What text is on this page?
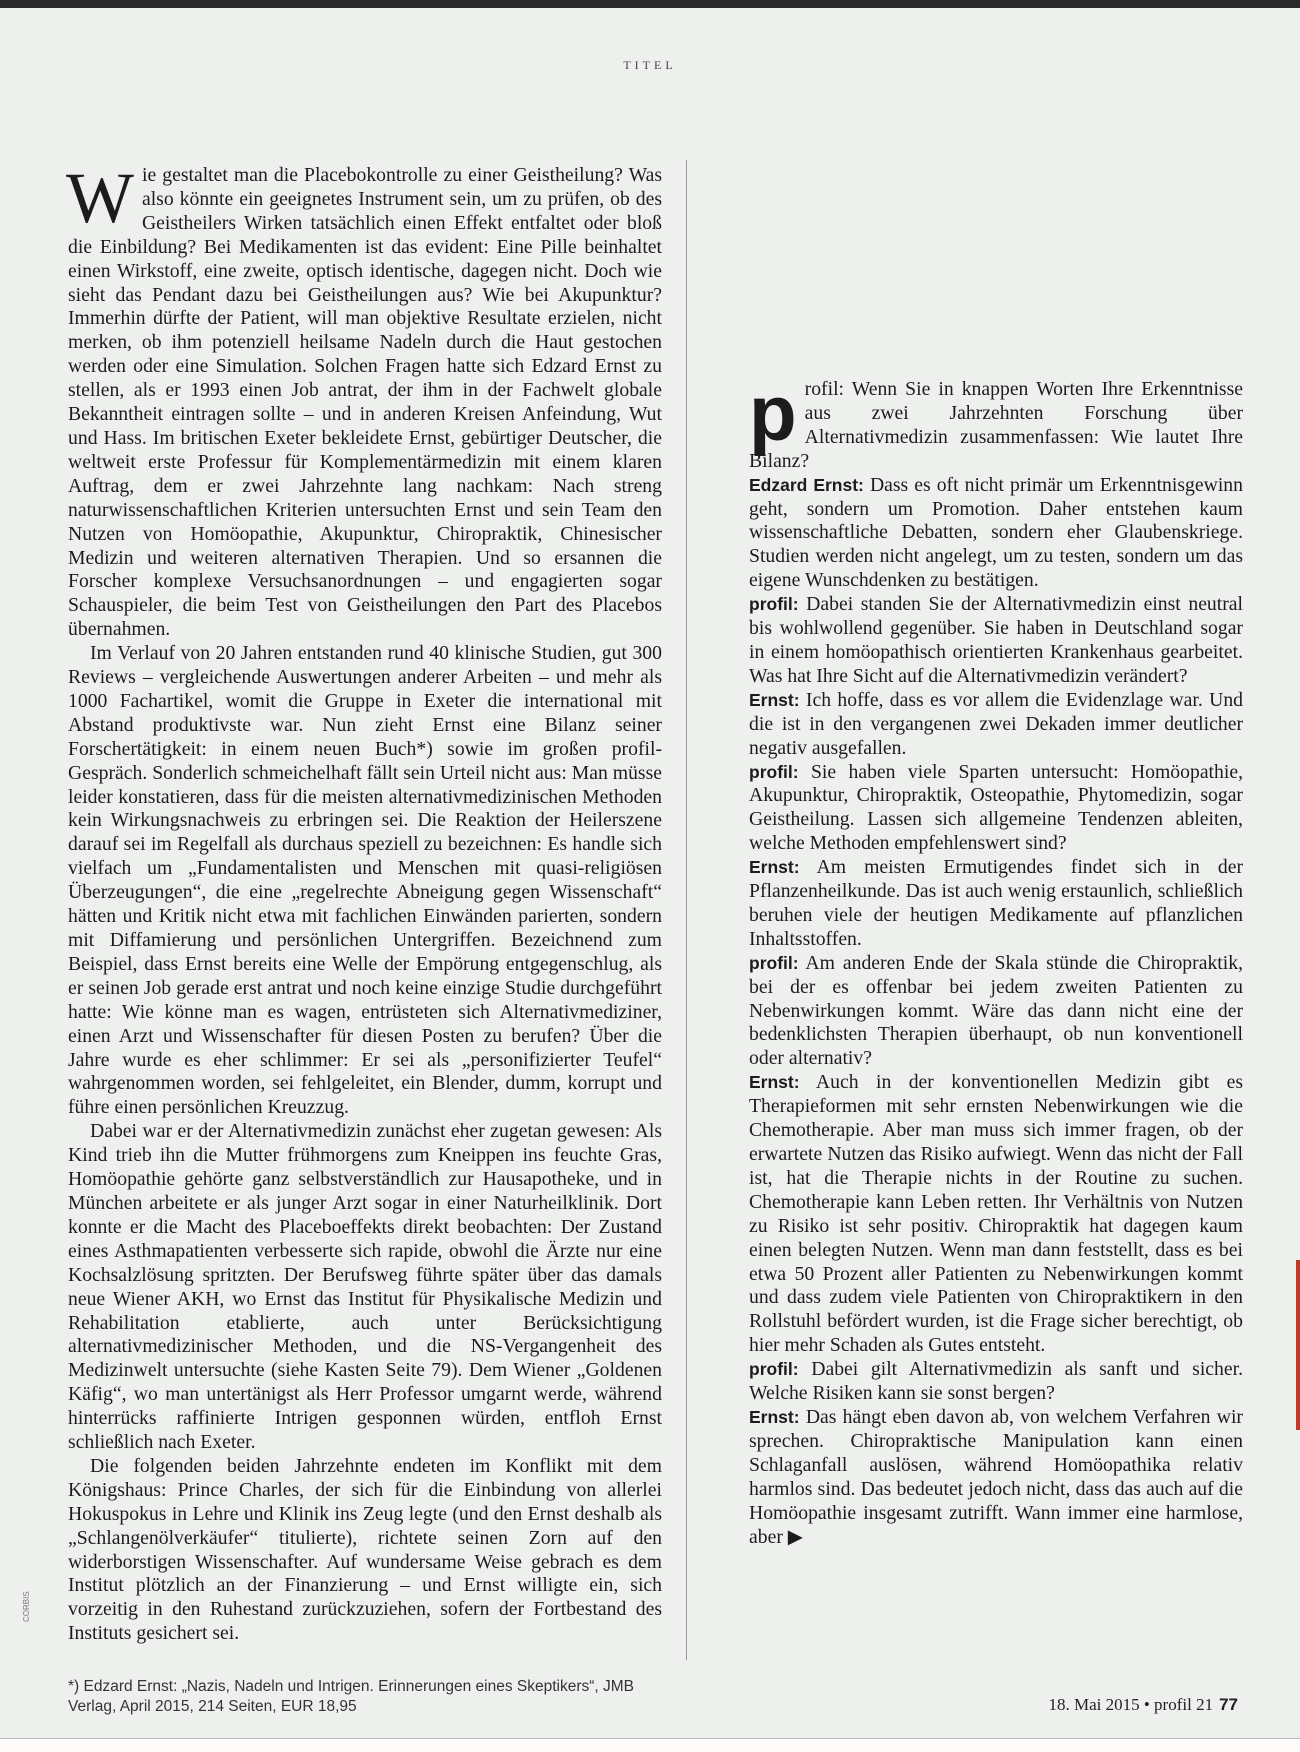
TITEL

Wie gestaltet man die Placebokontrolle zu einer Geistheilung? Was also könnte ein geeignetes Instrument sein, um zu prüfen, ob des Geistheilers Wirken tatsächlich einen Effekt entfaltet oder bloß die Einbildung? Bei Medikamenten ist das evident: Eine Pille beinhaltet einen Wirkstoff, eine zweite, optisch identische, dagegen nicht. Doch wie sieht das Pendant dazu bei Geistheilungen aus? Wie bei Akupunktur? Immerhin dürfte der Patient, will man objektive Resultate erzielen, nicht merken, ob ihm potenziell heilsame Nadeln durch die Haut gestochen werden oder eine Simulation. Solchen Fragen hatte sich Edzard Ernst zu stellen, als er 1993 einen Job antrat, der ihm in der Fachwelt globale Bekanntheit eintragen sollte – und in anderen Kreisen Anfeindung, Wut und Hass. Im britischen Exeter bekleidete Ernst, gebürtiger Deutscher, die weltweit erste Professur für Komplementärmedizin mit einem klaren Auftrag, dem er zwei Jahrzehnte lang nachkam: Nach streng naturwissenschaftlichen Kriterien untersuchten Ernst und sein Team den Nutzen von Homöopathie, Akupunktur, Chiropraktik, Chinesischer Medizin und weiteren alternativen Therapien. Und so ersannen die Forscher komplexe Versuchsanordnungen – und engagierten sogar Schauspieler, die beim Test von Geistheilungen den Part des Placebos übernahmen.

Im Verlauf von 20 Jahren entstanden rund 40 klinische Studien, gut 300 Reviews – vergleichende Auswertungen anderer Arbeiten – und mehr als 1000 Fachartikel, womit die Gruppe in Exeter die international mit Abstand produktivste war. Nun zieht Ernst eine Bilanz seiner Forschertätigkeit: in einem neuen Buch*) sowie im großen profil-Gespräch. Sonderlich schmeichelhaft fällt sein Urteil nicht aus: Man müsse leider konstatieren, dass für die meisten alternativmedizinischen Methoden kein Wirkungsnachweis zu erbringen sei. Die Reaktion der Heilerszene darauf sei im Regelfall als durchaus speziell zu bezeichnen: Es handle sich vielfach um „Fundamentalisten und Menschen mit quasi-religiösen Überzeugungen“, die eine „regelrechte Abneigung gegen Wissenschaft“ hätten und Kritik nicht etwa mit fachlichen Einwänden parierten, sondern mit Diffamierung und persönlichen Untergriffen. Bezeichnend zum Beispiel, dass Ernst bereits eine Welle der Empörung entgegenschlug, als er seinen Job gerade erst antrat und noch keine einzige Studie durchgeführt hatte: Wie könne man es wagen, entrüsteten sich Alternativmediziner, einen Arzt und Wissenschafter für diesen Posten zu berufen? Über die Jahre wurde es eher schlimmer: Er sei als „personifizierter Teufel“ wahrgenommen worden, sei fehlgeleitet, ein Blender, dumm, korrupt und führe einen persönlichen Kreuzzug.

Dabei war er der Alternativmedizin zunächst eher zugetan gewesen: Als Kind trieb ihn die Mutter frühmorgens zum Kneippen ins feuchte Gras, Homöopathie gehörte ganz selbstverständlich zur Hausapotheke, und in München arbeitete er als junger Arzt sogar in einer Naturheilklinik. Dort konnte er die Macht des Placeboeffekts direkt beobachten: Der Zustand eines Asthmapatienten verbesserte sich rapide, obwohl die Ärzte nur eine Kochsalzlösung spritzten. Der Berufsweg führte später über das damals neue Wiener AKH, wo Ernst das Institut für Physikalische Medizin und Rehabilitation etablierte, auch unter Berücksichtigung alternativmedizinischer Methoden, und die NS-Vergangenheit des Medizinwelt untersuchte (siehe Kasten Seite 79). Dem Wiener „Goldenen Käfig“, wo man untertänigst als Herr Professor umgarnt werde, während hinterrücks raffinierte Intrigen gesponnen würden, entfloh Ernst schließlich nach Exeter.

Die folgenden beiden Jahrzehnte endeten im Konflikt mit dem Königshaus: Prince Charles, der sich für die Einbindung von allerlei Hokuspokus in Lehre und Klinik ins Zeug legte (und den Ernst deshalb als „Schlangenölverkäufer“ titulierte), richtete seinen Zorn auf den widerborstigen Wissenschafter. Auf wundersame Weise gebrach es dem Institut plötzlich an der Finanzierung – und Ernst willigte ein, sich vorzeitig in den Ruhestand zurückzuziehen, sofern der Fortbestand des Instituts gesichert sei.

profil: Wenn Sie in knappen Worten Ihre Erkenntnisse aus zwei Jahrzehnten Forschung über Alternativmedizin zusammenfassen: Wie lautet Ihre Bilanz?

Edzard Ernst: Dass es oft nicht primär um Erkenntnisgewinn geht, sondern um Promotion. Daher entstehen kaum wissenschaftliche Debatten, sondern eher Glaubenskriege. Studien werden nicht angelegt, um zu testen, sondern um das eigene Wunschdenken zu bestätigen.

profil: Dabei standen Sie der Alternativmedizin einst neutral bis wohlwollend gegenüber. Sie haben in Deutschland sogar in einem homöopathisch orientierten Krankenhaus gearbeitet. Was hat Ihre Sicht auf die Alternativmedizin verändert?

Ernst: Ich hoffe, dass es vor allem die Evidenzlage war. Und die ist in den vergangenen zwei Dekaden immer deutlicher negativ ausgefallen.

profil: Sie haben viele Sparten untersucht: Homöopathie, Akupunktur, Chiropraktik, Osteopathie, Phytomedizin, sogar Geistheilung. Lassen sich allgemeine Tendenzen ableiten, welche Methoden empfehlenswert sind?

Ernst: Am meisten Ermutigendes findet sich in der Pflanzenheilkunde. Das ist auch wenig erstaunlich, schließlich beruhen viele der heutigen Medikamente auf pflanzlichen Inhaltsstoffen.

profil: Am anderen Ende der Skala stünde die Chiropraktik, bei der es offenbar bei jedem zweiten Patienten zu Nebenwirkungen kommt. Wäre das dann nicht eine der bedenklichsten Therapien überhaupt, ob nun konventionell oder alternativ?

Ernst: Auch in der konventionellen Medizin gibt es Therapieformen mit sehr ernsten Nebenwirkungen wie die Chemotherapie. Aber man muss sich immer fragen, ob der erwartete Nutzen das Risiko aufwiegt. Wenn das nicht der Fall ist, hat die Therapie nichts in der Routine zu suchen. Chemotherapie kann Leben retten. Ihr Verhältnis von Nutzen zu Risiko ist sehr positiv. Chiropraktik hat dagegen kaum einen belegten Nutzen. Wenn man dann feststellt, dass es bei etwa 50 Prozent aller Patienten zu Nebenwirkungen kommt und dass zudem viele Patienten von Chiropraktikern in den Rollstuhl befördert wurden, ist die Frage sicher berechtigt, ob hier mehr Schaden als Gutes entsteht.

profil: Dabei gilt Alternativmedizin als sanft und sicher. Welche Risiken kann sie sonst bergen?

Ernst: Das hängt eben davon ab, von welchem Verfahren wir sprechen. Chiropraktische Manipulation kann einen Schlaganfall auslösen, während Homöopathika relativ harmlos sind. Das bedeutet jedoch nicht, dass das auch auf die Homöopathie insgesamt zutrifft. Wann immer eine harmlose, aber ▶

CORBIS
*) Edzard Ernst: „Nazis, Nadeln und Intrigen. Erinnerungen eines Skeptikers“, JMB Verlag, April 2015, 214 Seiten, EUR 18,95	18. Mai 2015 • profil 21 77
